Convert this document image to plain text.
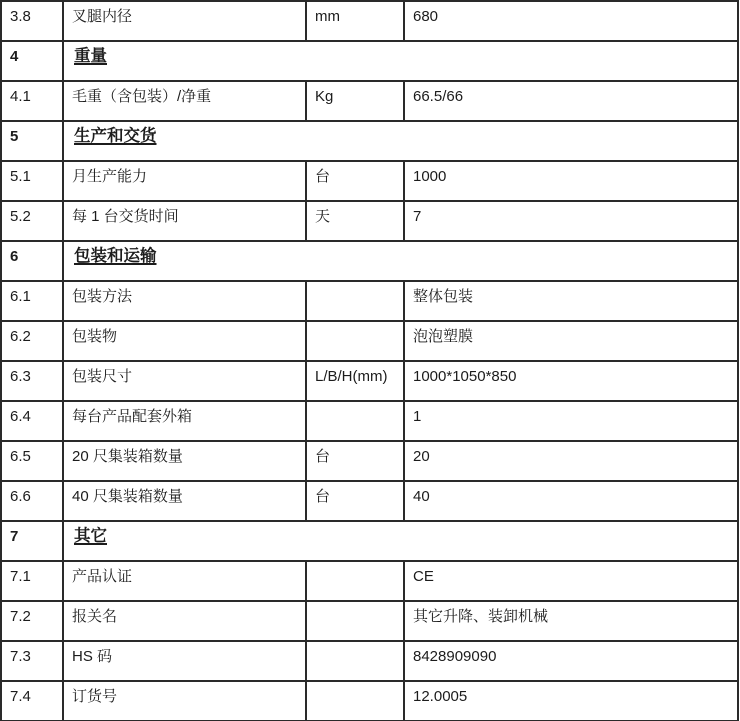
3.8	叉腿内径	mm	680
4	重量		
4.1	毛重（含包装）/净重	Kg	66.5/66
5	生产和交货		
5.1	月生产能力	台	1000
5.2	每 1 台交货时间	天	7
6	包装和运输		
6.1	包装方法		整体包装
6.2	包装物		泡泡塑膜
6.3	包装尺寸	L/B/H(mm)	1000*1050*850
6.4	每台产品配套外箱		1
6.5	20 尺集装箱数量	台	20
6.6	40 尺集装箱数量	台	40
7	其它		
7.1	产品认证		CE
7.2	报关名		其它升降、装卸机械
7.3	HS 码		8428909090
7.4	订货号		12.0005
